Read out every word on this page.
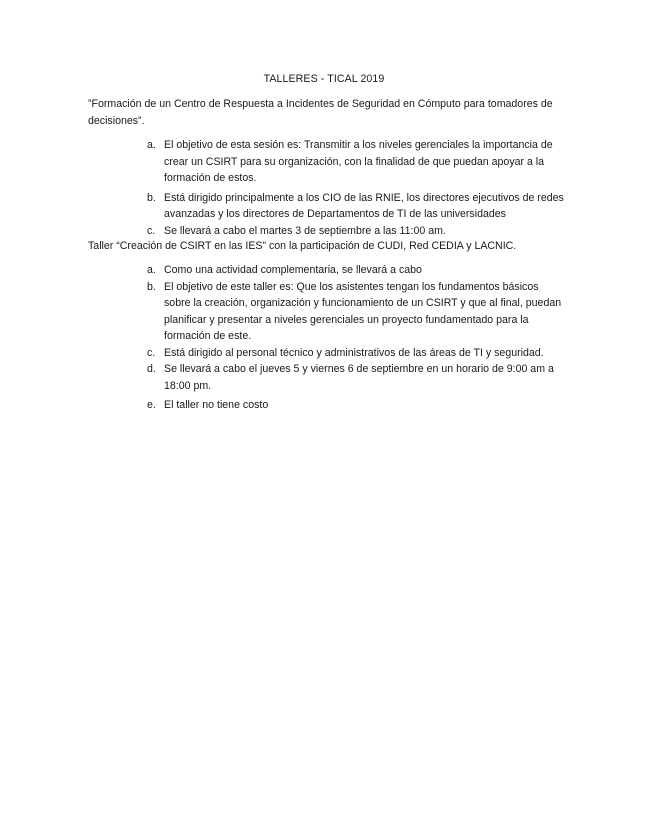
TALLERES - TICAL 2019
”Formación de un Centro de Respuesta a Incidentes de Seguridad en Cómputo para tomadores de decisiones”.
a. El objetivo de esta sesión es: Transmitir a los niveles gerenciales la importancia de crear un CSIRT para su organización, con la finalidad de que puedan apoyar a la formación de estos.
b. Está dirigido principalmente a los CIO de las RNIE, los directores ejecutivos de redes avanzadas y los directores de Departamentos de TI de las universidades
c. Se llevará a cabo el martes 3 de septiembre a las 11:00 am.
Taller “Creación de CSIRT en las IES” con la participación de CUDI, Red CEDIA y LACNIC.
a. Como una actividad complementaria, se llevará a cabo
b. El objetivo de este taller es: Que los asistentes tengan los fundamentos básicos sobre la creación, organización y funcionamiento de un CSIRT y que al final, puedan planificar y presentar a niveles gerenciales un proyecto fundamentado para la formación de este.
c. Está dirigido al personal técnico y administrativos de las áreas de TI y seguridad.
d. Se llevará a cabo el jueves 5 y viernes 6 de septiembre en un horario de 9:00 am a 18:00 pm.
e. El taller no tiene costo
